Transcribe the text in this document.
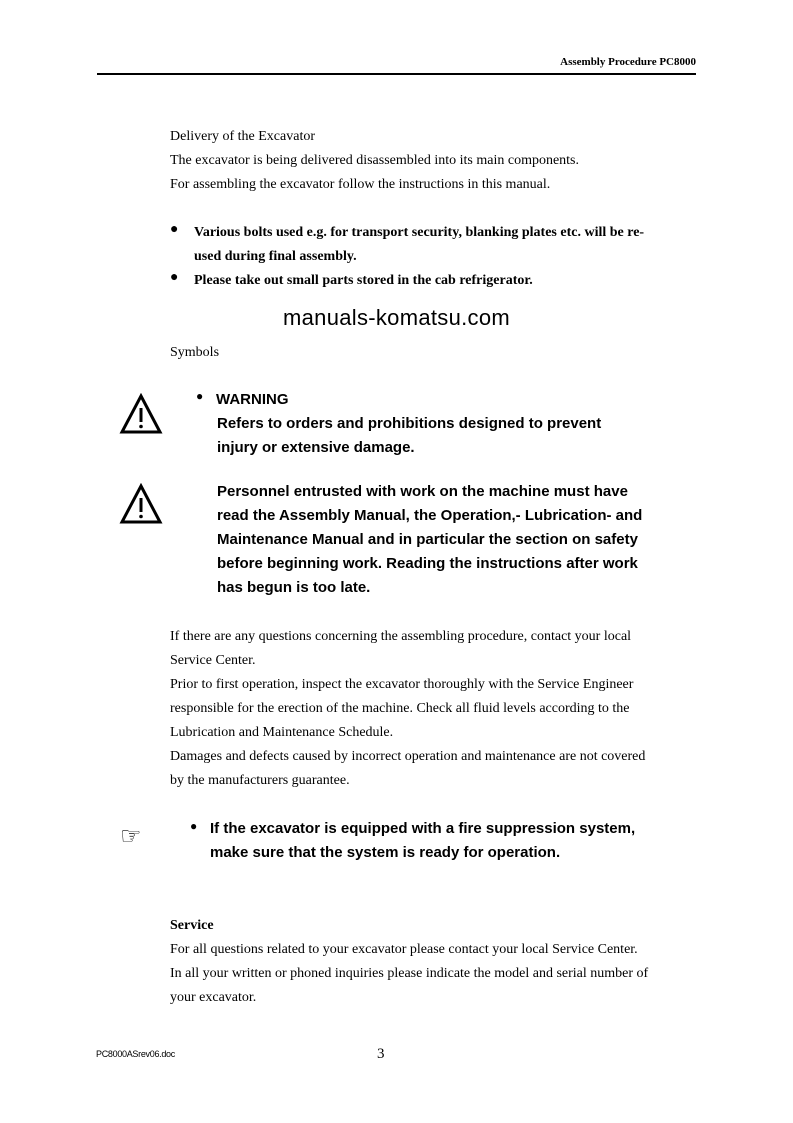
Assembly Procedure PC8000
Delivery of the Excavator
The excavator is being delivered disassembled into its main components.
For assembling the excavator follow the instructions in this manual.
● Various bolts used e.g. for transport security, blanking plates etc. will be re-
used during final assembly.
● Please take out small parts stored in the cab refrigerator.
manuals-komatsu.com
Symbols
● WARNING
Refers to orders and prohibitions designed to prevent
injury or extensive damage.
Personnel entrusted with work on the machine must have
read the Assembly Manual, the Operation,- Lubrication- and
Maintenance Manual and in particular the section on safety
before beginning work. Reading the instructions after work
has begun is too late.
If there are any questions concerning the assembling procedure, contact your local
Service Center.
Prior to first operation, inspect the excavator thoroughly with the Service Engineer
responsible for the erection of the machine. Check all fluid levels according to the
Lubrication and Maintenance Schedule.
Damages and defects caused by incorrect operation and maintenance are not covered
by the manufacturers guarantee.
☞	● If the excavator is equipped with a fire suppression system,
make sure that the system is ready for operation.
Service
For all questions related to your excavator please contact your local Service Center.
In all your written or phoned inquiries please indicate the model and serial number of
your excavator.
PC8000ASrev06.doc	3
